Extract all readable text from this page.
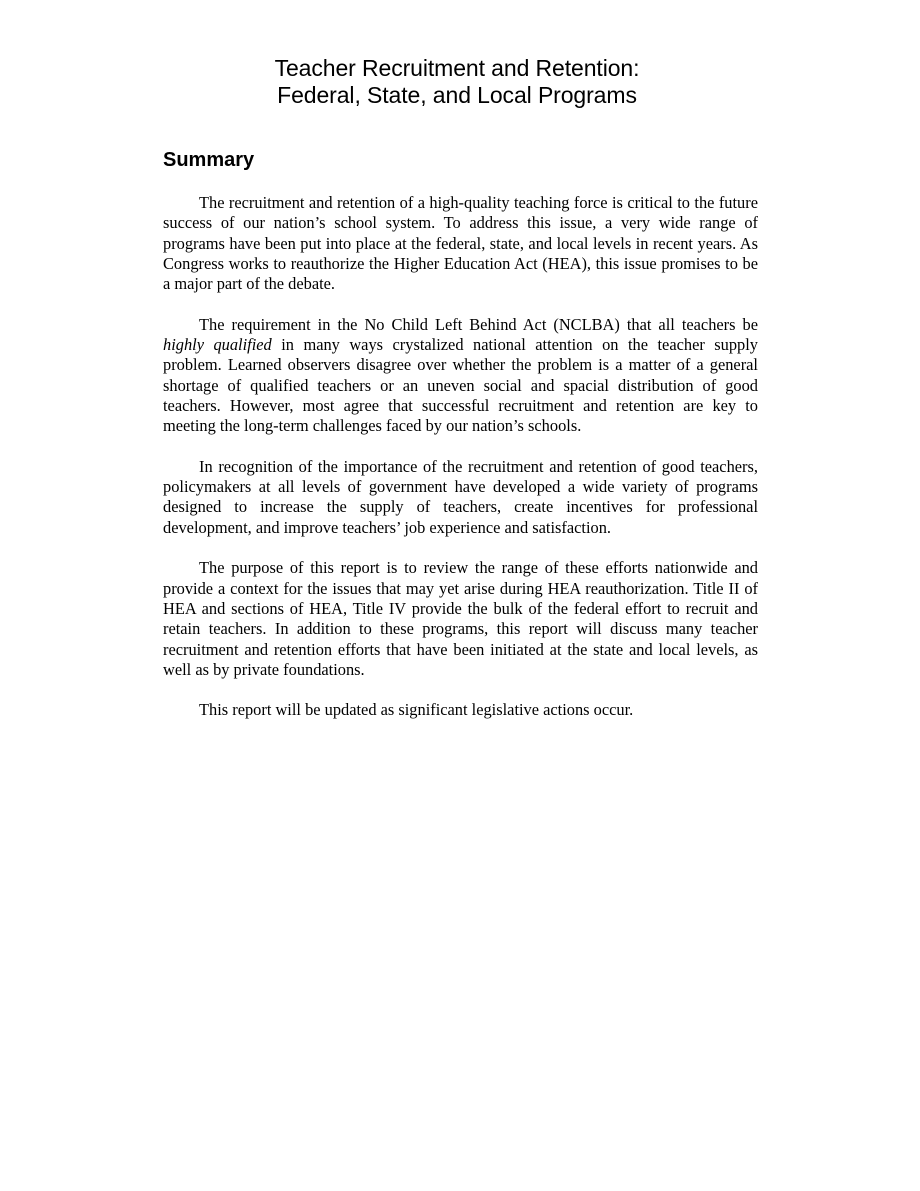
Teacher Recruitment and Retention:
Federal, State, and Local Programs
Summary

The recruitment and retention of a high-quality teaching force is critical to the future success of our nation’s school system. To address this issue, a very wide range of programs have been put into place at the federal, state, and local levels in recent years. As Congress works to reauthorize the Higher Education Act (HEA), this issue promises to be a major part of the debate.

The requirement in the No Child Left Behind Act (NCLBA) that all teachers be highly qualified in many ways crystalized national attention on the teacher supply problem. Learned observers disagree over whether the problem is a matter of a general shortage of qualified teachers or an uneven social and spacial distribution of good teachers. However, most agree that successful recruitment and retention are key to meeting the long-term challenges faced by our nation’s schools.

In recognition of the importance of the recruitment and retention of good teachers, policymakers at all levels of government have developed a wide variety of programs designed to increase the supply of teachers, create incentives for professional development, and improve teachers’ job experience and satisfaction.

The purpose of this report is to review the range of these efforts nationwide and provide a context for the issues that may yet arise during HEA reauthorization. Title II of HEA and sections of HEA, Title IV provide the bulk of the federal effort to recruit and retain teachers. In addition to these programs, this report will discuss many teacher recruitment and retention efforts that have been initiated at the state and local levels, as well as by private foundations.

This report will be updated as significant legislative actions occur.
